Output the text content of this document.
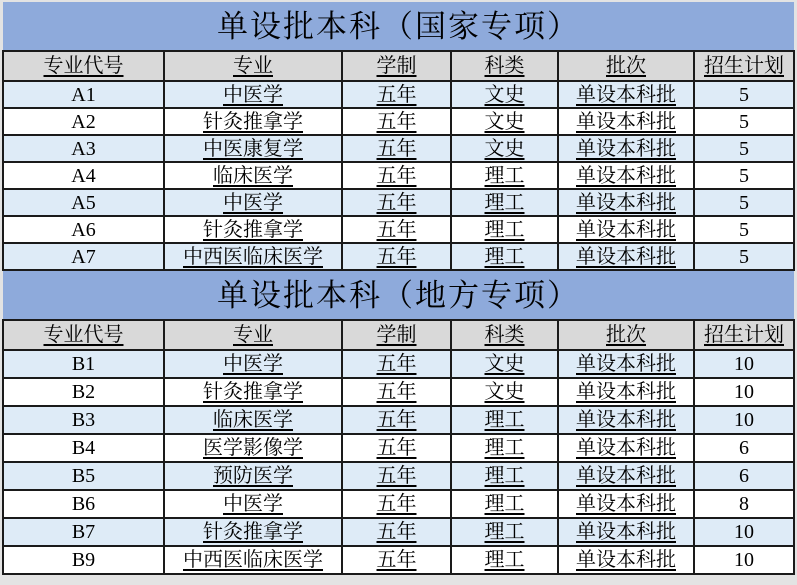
单设批本科（国家专项）					
专业代号	专业	学制	科类	批次	招生计划
A1	中医学	五年	文史	单设本科批	5
A2	针灸推拿学	五年	文史	单设本科批	5
A3	中医康复学	五年	文史	单设本科批	5
A4	临床医学	五年	理工	单设本科批	5
A5	中医学	五年	理工	单设本科批	5
A6	针灸推拿学	五年	理工	单设本科批	5
A7	中西医临床医学	五年	理工	单设本科批	5
单设批本科（地方专项）					
专业代号	专业	学制	科类	批次	招生计划
B1	中医学	五年	文史	单设本科批	10
B2	针灸推拿学	五年	文史	单设本科批	10
B3	临床医学	五年	理工	单设本科批	10
B4	医学影像学	五年	理工	单设本科批	6
B5	预防医学	五年	理工	单设本科批	6
B6	中医学	五年	理工	单设本科批	8
B7	针灸推拿学	五年	理工	单设本科批	10
B9	中西医临床医学	五年	理工	单设本科批	10
